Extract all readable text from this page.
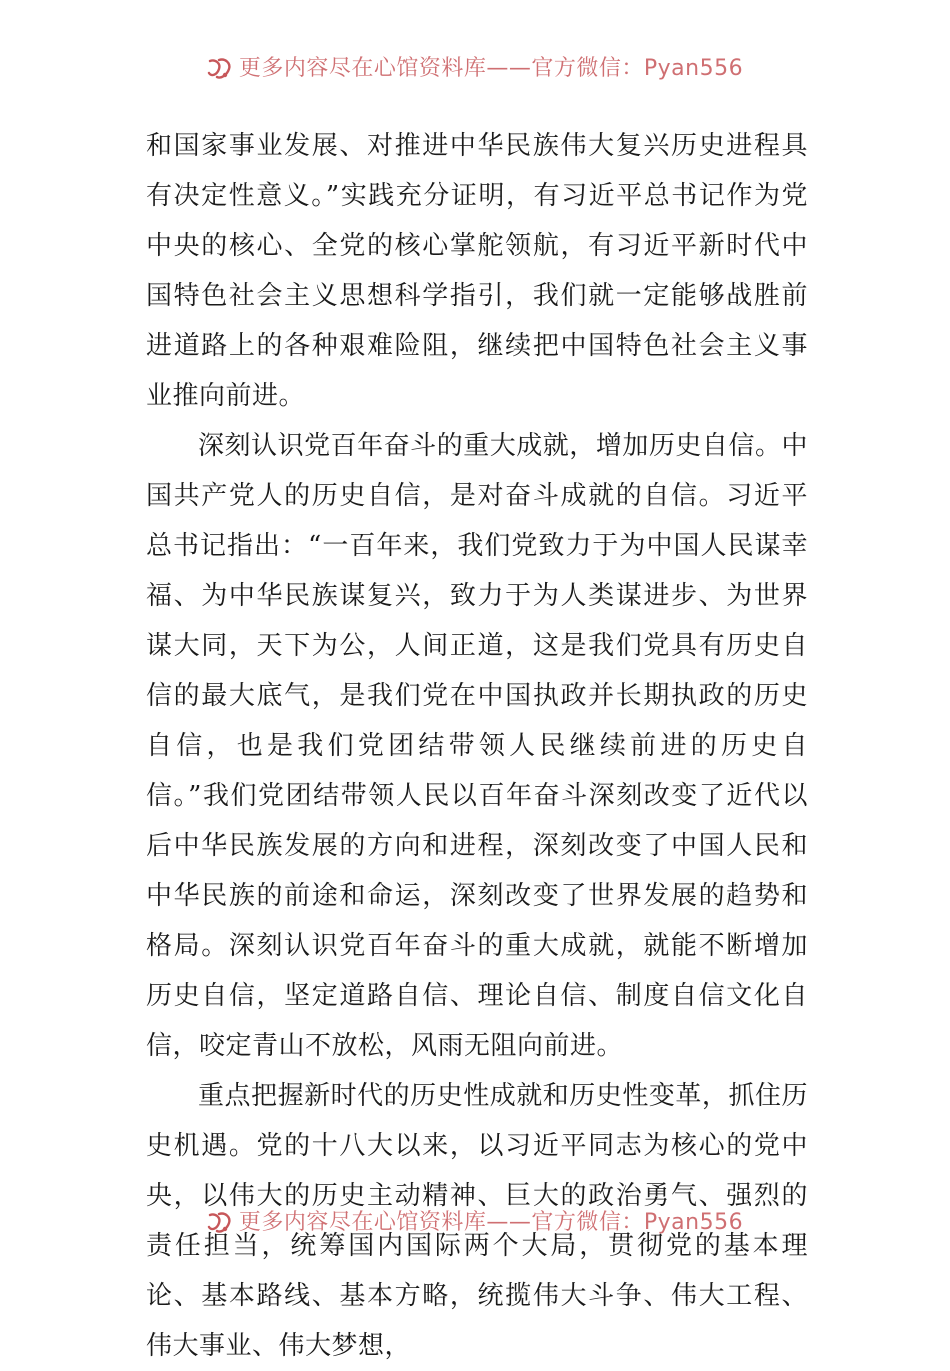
更多内容尽在心馆资料库——官方微信：Pyan556

和国家事业发展、对推进中华民族伟大复兴历史进程具有决定性意义。”实践充分证明，有习近平总书记作为党中央的核心、全党的核心掌舵领航，有习近平新时代中国特色社会主义思想科学指引，我们就一定能够战胜前进道路上的各种艰难险阻，继续把中国特色社会主义事业推向前进。

深刻认识党百年奋斗的重大成就，增加历史自信。中国共产党人的历史自信，是对奋斗成就的自信。习近平总书记指出：“一百年来，我们党致力于为中国人民谋幸福、为中华民族谋复兴，致力于为人类谋进步、为世界谋大同，天下为公，人间正道，这是我们党具有历史自信的最大底气，是我们党在中国执政并长期执政的历史自信，也是我们党团结带领人民继续前进的历史自信。”我们党团结带领人民以百年奋斗深刻改变了近代以后中华民族发展的方向和进程，深刻改变了中国人民和中华民族的前途和命运，深刻改变了世界发展的趋势和格局。深刻认识党百年奋斗的重大成就，就能不断增加历史自信，坚定道路自信、理论自信、制度自信文化自信，咬定青山不放松，风雨无阻向前进。

重点把握新时代的历史性成就和历史性变革，抓住历史机遇。党的十八大以来，以习近平同志为核心的党中央，以伟大的历史主动精神、巨大的政治勇气、强烈的责任担当，统筹国内国际两个大局，贯彻党的基本理论、基本路线、基本方略，统揽伟大斗争、伟大工程、伟大事业、伟大梦想，

更多内容尽在心馆资料库——官方微信：Pyan556
